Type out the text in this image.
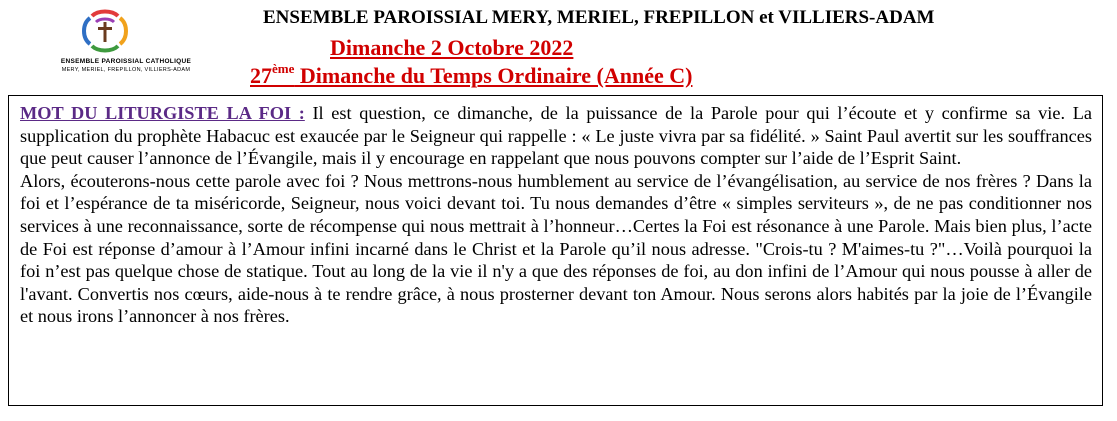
ENSEMBLE PAROISSIAL CATHOLIQUE
MERY, MERIEL, FREPILLON, VILLIERS-ADAM
ENSEMBLE PAROISSIAL MERY, MERIEL, FREPILLON et VILLIERS-ADAM
Dimanche 2 Octobre 2022
27ème Dimanche du Temps Ordinaire (Année C)

MOT DU LITURGISTE LA FOI : Il est question, ce dimanche, de la puissance de la Parole pour qui l’écoute et y confirme sa vie. La supplication du prophète Habacuc est exaucée par le Seigneur qui rappelle : « Le juste vivra par sa fidélité. » Saint Paul avertit sur les souffrances que peut causer l’annonce de l’Évangile, mais il y encourage en rappelant que nous pouvons compter sur l’aide de l’Esprit Saint.

Alors, écouterons-nous cette parole avec foi ? Nous mettrons-nous humblement au service de l’évangélisation, au service de nos frères ? Dans la foi et l’espérance de ta miséricorde, Seigneur, nous voici devant toi. Tu nous demandes d’être « simples serviteurs », de ne pas conditionner nos services à une reconnaissance, sorte de récompense qui nous mettrait à l’honneur…Certes la Foi est résonance à une Parole. Mais bien plus, l’acte de Foi est réponse d’amour à l’Amour infini incarné dans le Christ et la Parole qu’il nous adresse. "Crois-tu ? M'aimes-tu ?"…Voilà pourquoi la foi n’est pas quelque chose de statique. Tout au long de la vie il n'y a que des réponses de foi, au don infini de l’Amour qui nous pousse à aller de l'avant. Convertis nos cœurs, aide-nous à te rendre grâce, à nous prosterner devant ton Amour. Nous serons alors habités par la joie de l’Évangile et nous irons l’annoncer à nos frères.
